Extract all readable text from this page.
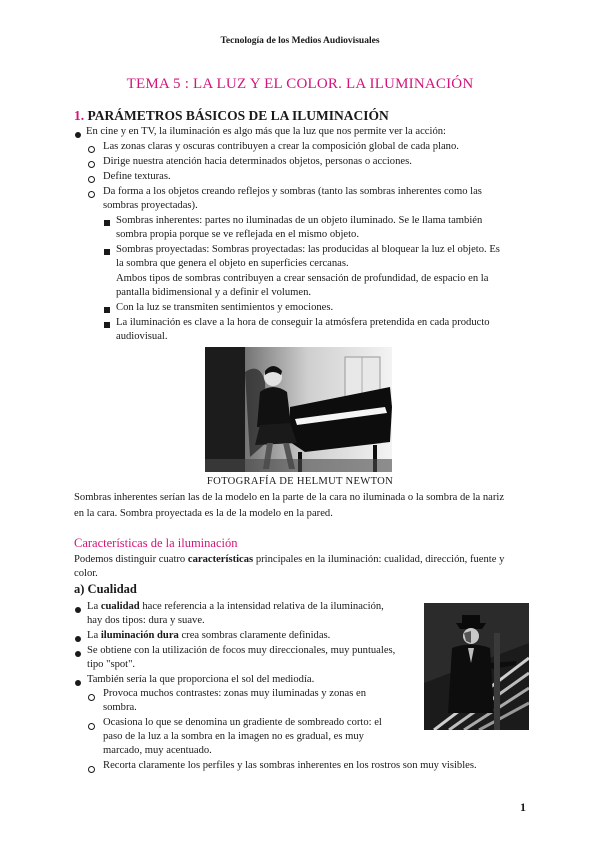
Tecnología de los Medios Audiovisuales
TEMA 5 : LA LUZ Y EL COLOR. LA ILUMINACIÓN
1. PARÁMETROS BÁSICOS DE LA ILUMINACIÓN
En cine y en TV, la iluminación es algo más que la luz que nos permite ver la acción:
Las zonas claras y oscuras contribuyen a crear la composición global de cada plano.
Dirige nuestra atención hacia determinados objetos, personas o acciones.
Define texturas.
Da forma a los objetos creando reflejos y sombras (tanto las sombras inherentes como las
sombras proyectadas).
Sombras inherentes: partes no iluminadas de un objeto iluminado. Se le llama también
sombra propia porque se ve reflejada en el mismo objeto.
Sombras proyectadas: Sombras proyectadas: las producidas al bloquear la luz el objeto. Es
la sombra que genera el objeto en superficies cercanas.
Ambos tipos de sombras contribuyen a crear sensación de profundidad, de espacio en la
pantalla bidimensional y a definir el volumen.
Con la luz se transmiten sentimientos y emociones.
La iluminación es clave a la hora de conseguir la atmósfera pretendida en cada producto
audiovisual.
FOTOGRAFÍA DE HELMUT NEWTON
Sombras inherentes serían las de la modelo en la parte de la cara no iluminada o la sombra de la nariz
en la cara. Sombra proyectada es la de la modelo en la pared.
Características de la iluminación
Podemos distinguir cuatro características principales en la iluminación: cualidad, dirección, fuente y
color.
a) Cualidad
La cualidad hace referencia a la intensidad relativa de la iluminación,
hay dos tipos: dura y suave.
La iluminación dura crea sombras claramente definidas.
Se obtiene con la utilización de focos muy direccionales, muy puntuales,
tipo "spot".
También sería la que proporciona el sol del mediodía.
Provoca muchos contrastes: zonas muy iluminadas y zonas en
sombra.
Ocasiona lo que se denomina un gradiente de sombreado corto: el
paso de la luz a la sombra en la imagen no es gradual, es muy
marcado, muy acentuado.
Recorta claramente los perfiles y las sombras inherentes en los rostros son muy visibles.
1
